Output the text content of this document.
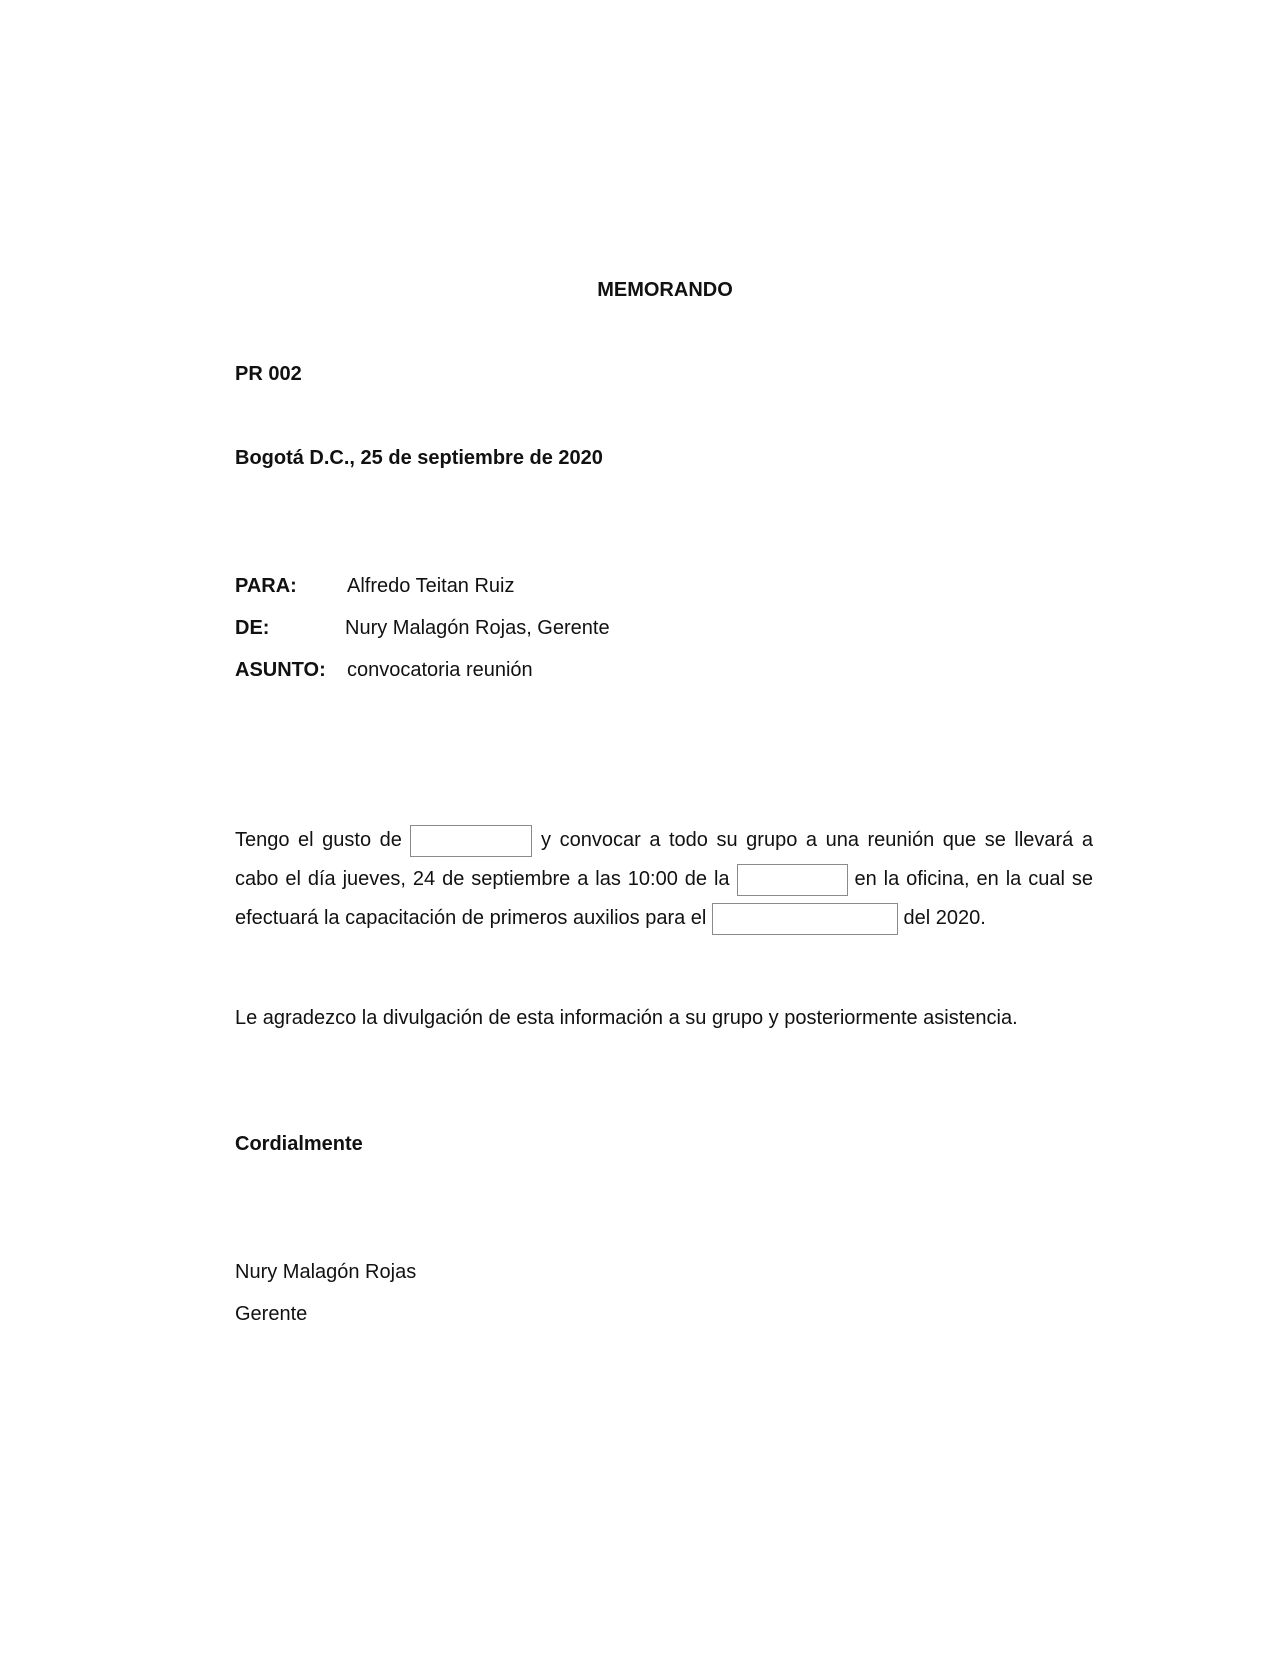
MEMORANDO
PR 002
Bogotá D.C., 25 de septiembre de 2020
PARA:	Alfredo Teitan Ruiz
DE:	Nury Malagón Rojas, Gerente
ASUNTO: convocatoria reunión
Tengo el gusto de	y convocar a todo su grupo a una reunión que se llevará a
cabo el día jueves, 24 de septiembre a las 10:00 de la	en la oficina, en la cual se
efectuará la capacitación de primeros auxilios para el	del 2020.
Le agradezco la divulgación de esta información a su grupo y posteriormente asistencia.
Cordialmente
Nury Malagón Rojas
Gerente
